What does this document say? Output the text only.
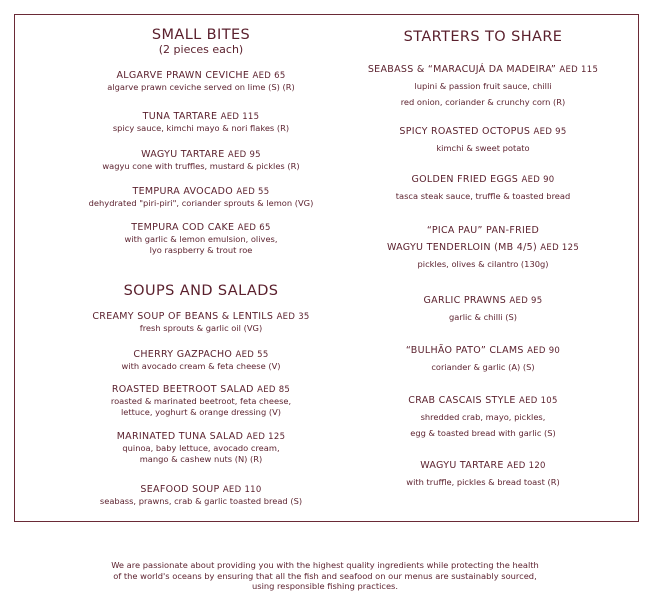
SMALL BITES

(2 pieces each)

ALGARVE PRAWN CEVICHE AED 65
algarve prawn ceviche served on lime (S) (R)
TUNA TARTARE AED 115
spicy sauce, kimchi mayo & nori flakes (R)
WAGYU TARTARE AED 95
wagyu cone with truffles, mustard & pickles (R)
TEMPURA AVOCADO AED 55
dehydrated "piri-piri", coriander sprouts & lemon (VG)
TEMPURA COD CAKE AED 65
with garlic & lemon emulsion, olives,
lyo raspberry & trout roe
SOUPS AND SALADS
CREAMY SOUP OF BEANS & LENTILS AED 35
fresh sprouts & garlic oil (VG)
CHERRY GAZPACHO AED 55
with avocado cream & feta cheese (V)
ROASTED BEETROOT SALAD AED 85
roasted & marinated beetroot, feta cheese,
lettuce, yoghurt & orange dressing (V)
MARINATED TUNA SALAD AED 125
quinoa, baby lettuce, avocado cream,
mango & cashew nuts (N) (R)
SEAFOOD SOUP AED 110
seabass, prawns, crab & garlic toasted bread (S)
STARTERS TO SHARE
SEABASS & “MARACUJÁ DA MADEIRA” AED 115
lupini & passion fruit sauce, chilli
red onion, coriander & crunchy corn (R)
SPICY ROASTED OCTOPUS AED 95
kimchi & sweet potato
GOLDEN FRIED EGGS AED 90
tasca steak sauce, truffle & toasted bread
“PICA PAU” PAN-FRIED
WAGYU TENDERLOIN (MB 4/5) AED 125
pickles, olives & cilantro (130g)
GARLIC PRAWNS AED 95
garlic & chilli (S)
“BULHÃO PATO” CLAMS AED 90
coriander & garlic (A) (S)
CRAB CASCAIS STYLE AED 105
shredded crab, mayo, pickles,
egg & toasted bread with garlic (S)
WAGYU TARTARE AED 120
with truffle, pickles & bread toast (R)
We are passionate about providing you with the highest quality ingredients while protecting the health
of the world's oceans by ensuring that all the fish and seafood on our menus are sustainably sourced,
using responsible fishing practices.
